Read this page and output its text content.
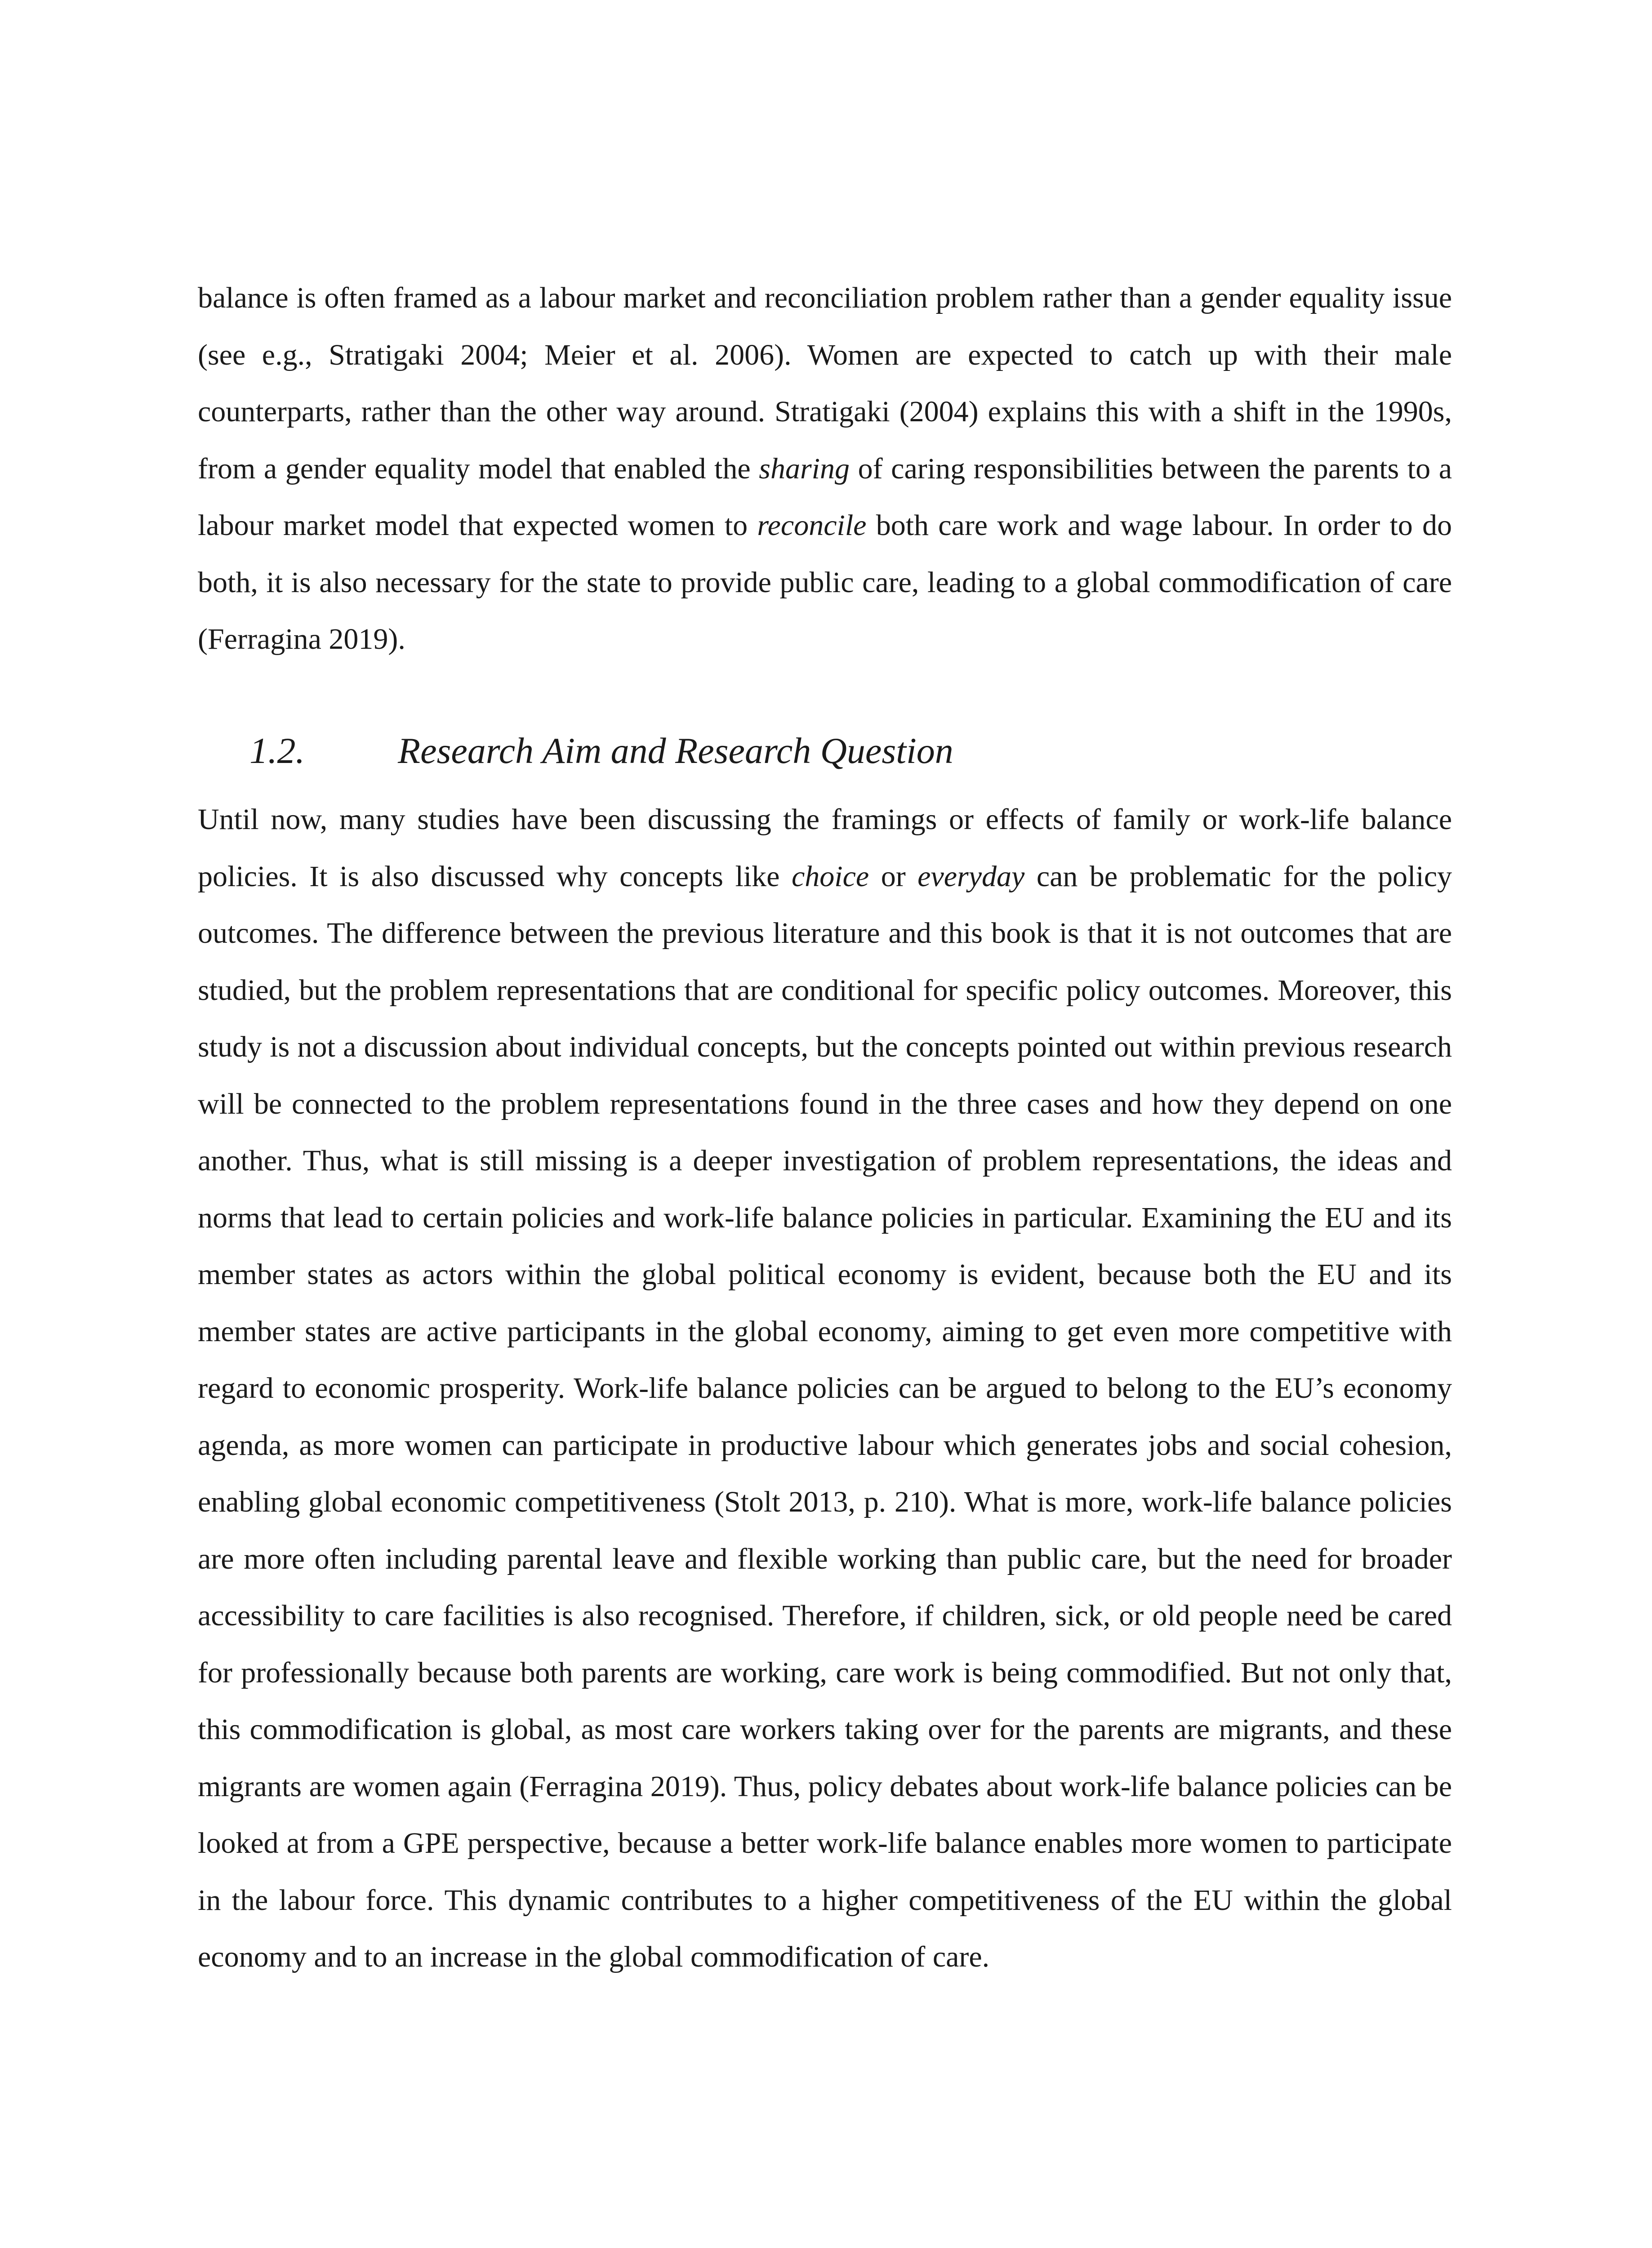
balance is often framed as a labour market and reconciliation problem rather than a gender equality issue (see e.g., Stratigaki 2004; Meier et al. 2006). Women are expected to catch up with their male counterparts, rather than the other way around. Stratigaki (2004) explains this with a shift in the 1990s, from a gender equality model that enabled the sharing of caring responsibilities between the parents to a labour market model that expected women to reconcile both care work and wage labour. In order to do both, it is also necessary for the state to provide public care, leading to a global commodification of care (Ferragina 2019).

1.2.	Research Aim and Research Question

Until now, many studies have been discussing the framings or effects of family or work-life balance policies. It is also discussed why concepts like choice or everyday can be problematic for the policy outcomes. The difference between the previous literature and this book is that it is not outcomes that are studied, but the problem representations that are conditional for specific policy outcomes. Moreover, this study is not a discussion about individual concepts, but the concepts pointed out within previous research will be connected to the problem representations found in the three cases and how they depend on one another. Thus, what is still missing is a deeper investigation of problem representations, the ideas and norms that lead to certain policies and work-life balance policies in particular. Examining the EU and its member states as actors within the global political economy is evident, because both the EU and its member states are active participants in the global economy, aiming to get even more competitive with regard to economic prosperity. Work-life balance policies can be argued to belong to the EU’s economy agenda, as more women can participate in productive labour which generates jobs and social cohesion, enabling global economic competitiveness (Stolt 2013, p. 210). What is more, work-life balance policies are more often including parental leave and flexible working than public care, but the need for broader accessibility to care facilities is also recognised. Therefore, if children, sick, or old people need be cared for professionally because both parents are working, care work is being commodified. But not only that, this commodification is global, as most care workers taking over for the parents are migrants, and these migrants are women again (Ferragina 2019). Thus, policy debates about work-life balance policies can be looked at from a GPE perspective, because a better work-life balance enables more women to participate in the labour force. This dynamic contributes to a higher competitiveness of the EU within the global economy and to an increase in the global commodification of care.
